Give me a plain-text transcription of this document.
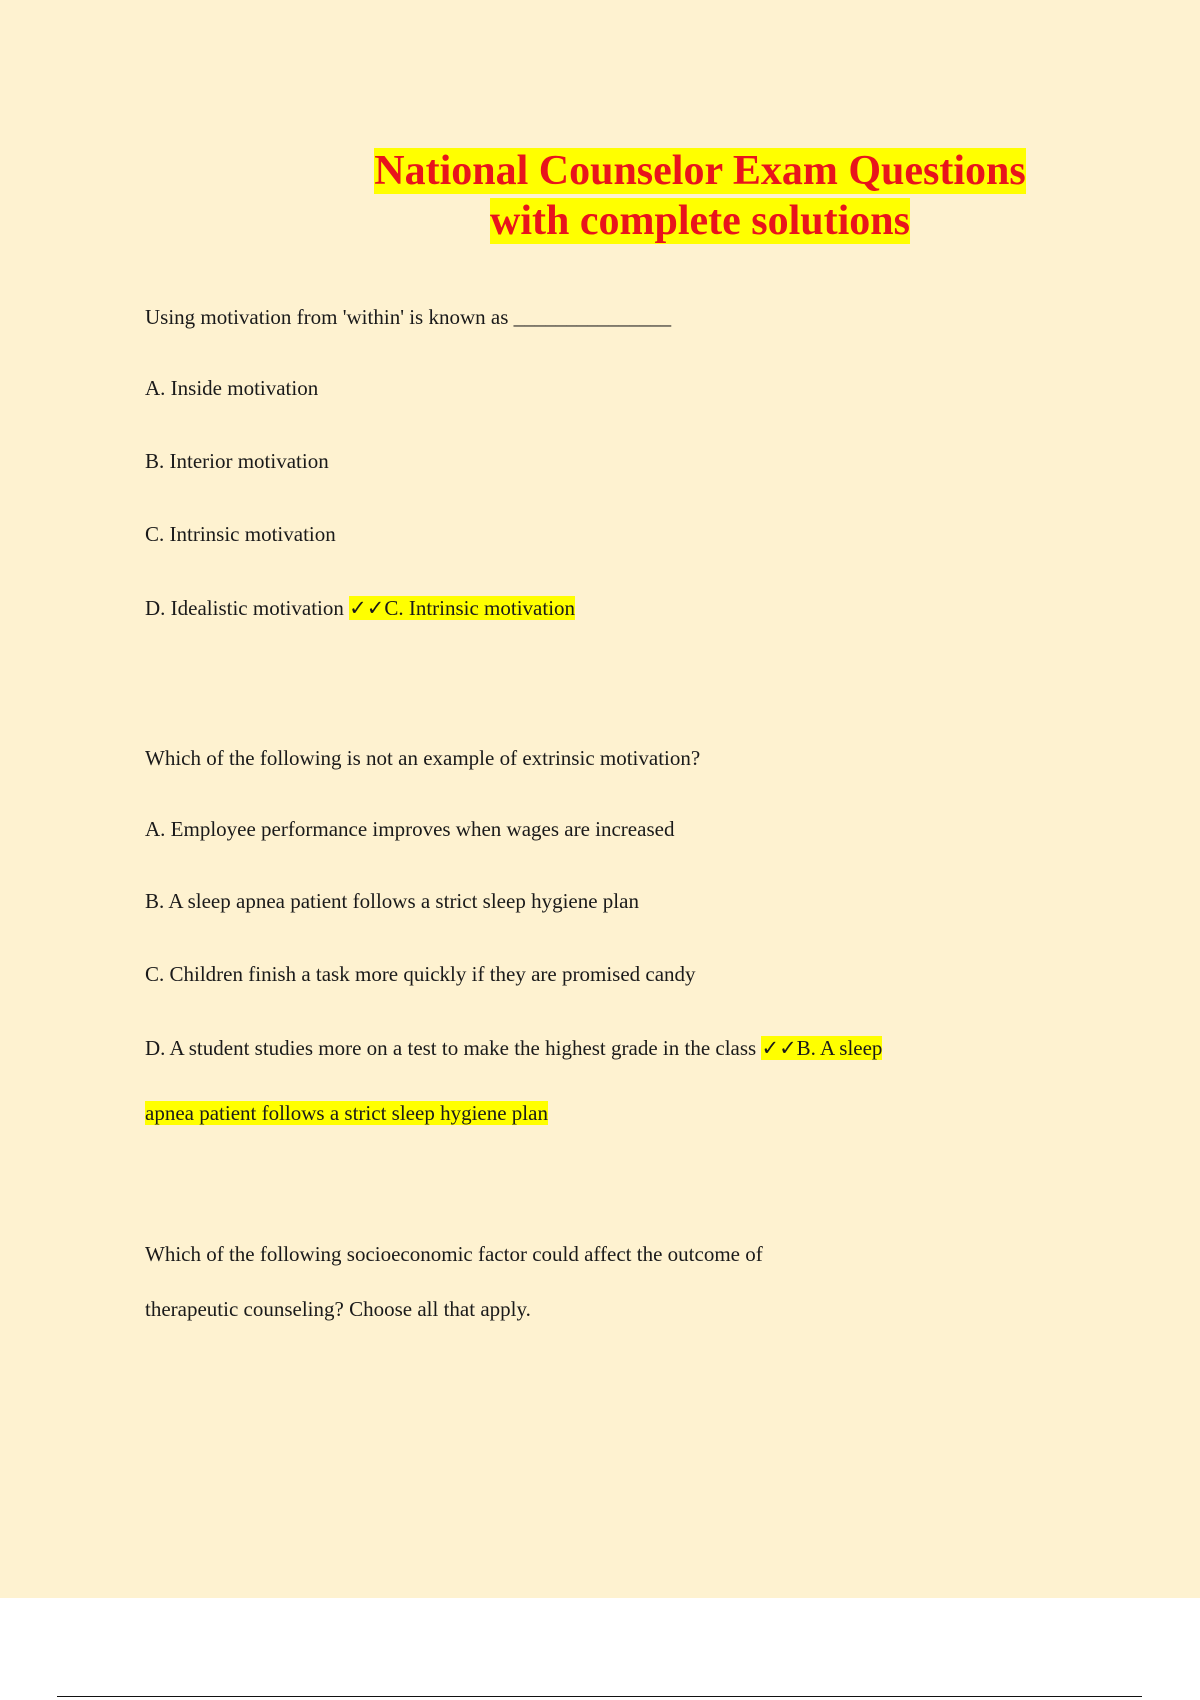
National Counselor Exam Questions
with complete solutions
Using motivation from 'within' is known as _______________
A. Inside motivation
B. Interior motivation
C. Intrinsic motivation
D. Idealistic motivation ✓✓C. Intrinsic motivation
Which of the following is not an example of extrinsic motivation?
A. Employee performance improves when wages are increased
B. A sleep apnea patient follows a strict sleep hygiene plan
C. Children finish a task more quickly if they are promised candy
D. A student studies more on a test to make the highest grade in the class ✓✓B. A sleep
apnea patient follows a strict sleep hygiene plan
Which of the following socioeconomic factor could affect the outcome of
therapeutic counseling? Choose all that apply.
